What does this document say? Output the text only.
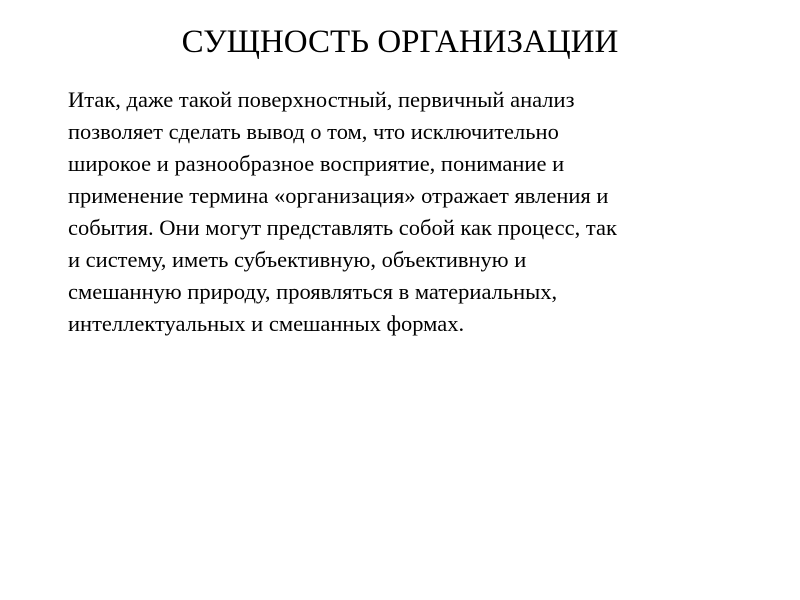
СУЩНОСТЬ ОРГАНИЗАЦИИ

Итак, даже такой поверхностный, первичный анализ
позволяет сделать вывод о том, что исключительно
широкое и разнообразное восприятие, понимание и
применение термина «организация» отражает явления и
события. Они могут представлять собой как процесс, так
и систему, иметь субъективную, объективную и
смешанную природу, проявляться в материальных,
интеллектуальных и смешанных формах.
